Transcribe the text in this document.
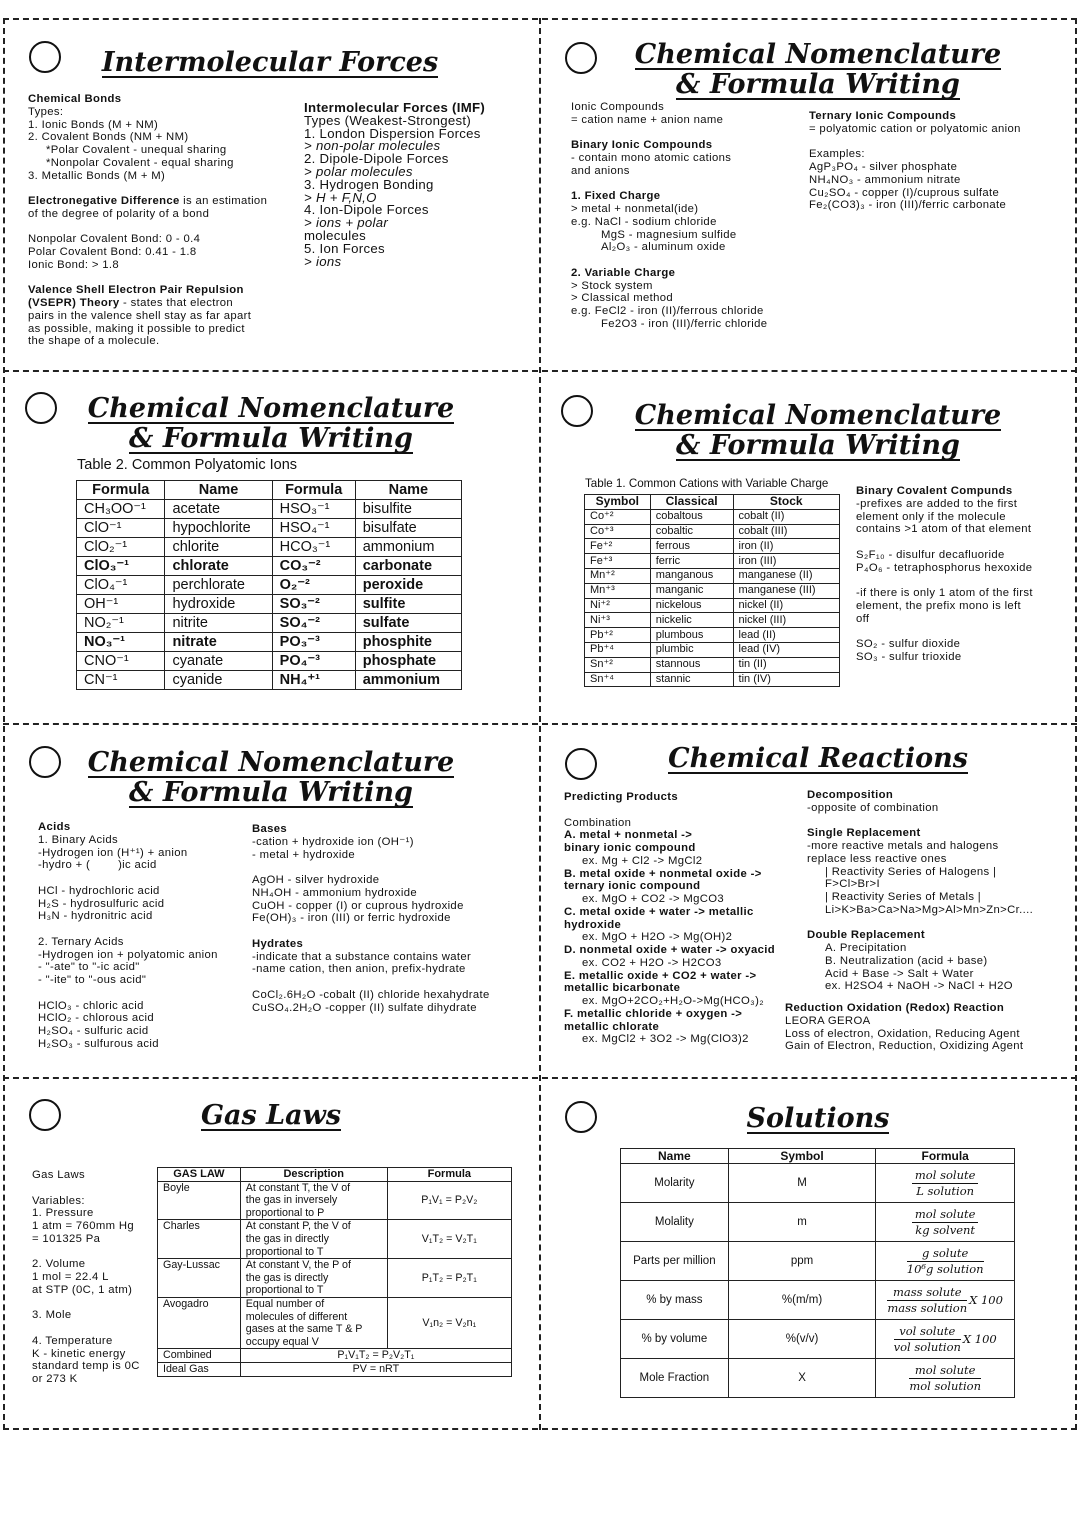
Intermolecular Forces
Chemical Bonds
Types:
1. Ionic Bonds (M + NM)
2. Covalent Bonds (NM + NM)
*Polar Covalent - unequal sharing
*Nonpolar Covalent - equal sharing
3. Metallic Bonds (M + M)
Electronegative Difference is an estimation
of the degree of polarity of a bond
Nonpolar Covalent Bond: 0 - 0.4
Polar Covalent Bond: 0.41 - 1.8
Ionic Bond: > 1.8
Valence Shell Electron Pair Repulsion
(VSEPR) Theory - states that electron
pairs in the valence shell stay as far apart
as possible, making it possible to predict
the shape of a molecule.
Intermolecular Forces (IMF)
Types (Weakest-Strongest)
1. London Dispersion Forces
> non-polar molecules
2. Dipole-Dipole Forces
> polar molecules
3. Hydrogen Bonding
> H + F,N,O
4. Ion-Dipole Forces
> ions + polar
molecules
5. Ion Forces
> ions
Chemical Nomenclature
& Formula Writing
Ionic Compounds
= cation name + anion name
Binary Ionic Compounds
- contain mono atomic cations
and anions
1. Fixed Charge
> metal + nonmetal(ide)
e.g. NaCl - sodium chloride
MgS - magnesium sulfide
Al₂O₃ - aluminum oxide
2. Variable Charge
> Stock system
> Classical method
e.g. FeCl2 - iron (II)/ferrous chloride
Fe2O3 - iron (III)/ferric chloride
Ternary Ionic Compounds
= polyatomic cation or polyatomic anion
Examples:
AgP₃PO₄ - silver phosphate
NH₄NO₃ - ammonium nitrate
Cu₂SO₄ - copper (I)/cuprous sulfate
Fe₂(CO3)₃ - iron (III)/ferric carbonate
Chemical Nomenclature
& Formula Writing
Table 2. Common Polyatomic Ions
Formula	Name	Formula	Name
CH₃OO⁻¹	acetate	HSO₃⁻¹	bisulfite
ClO⁻¹	hypochlorite	HSO₄⁻¹	bisulfate
ClO₂⁻¹	chlorite	HCO₃⁻¹	ammonium
ClO₃⁻¹	chlorate	CO₃⁻²	carbonate
ClO₄⁻¹	perchlorate	O₂⁻²	peroxide
OH⁻¹	hydroxide	SO₃⁻²	sulfite
NO₂⁻¹	nitrite	SO₄⁻²	sulfate
NO₃⁻¹	nitrate	PO₃⁻³	phosphite
CNO⁻¹	cyanate	PO₄⁻³	phosphate
CN⁻¹	cyanide	NH₄⁺¹	ammonium
Chemical Nomenclature
& Formula Writing
Table 1. Common Cations with Variable Charge
Symbol	Classical	Stock
Co⁺²	cobaltous	cobalt (II)
Co⁺³	cobaltic	cobalt (III)
Fe⁺²	ferrous	iron (II)
Fe⁺³	ferric	iron (III)
Mn⁺²	manganous	manganese (II)
Mn⁺³	manganic	manganese (III)
Ni⁺²	nickelous	nickel (II)
Ni⁺³	nickelic	nickel (III)
Pb⁺²	plumbous	lead (II)
Pb⁺⁴	plumbic	lead (IV)
Sn⁺²	stannous	tin (II)
Sn⁺⁴	stannic	tin (IV)
Binary Covalent Compunds
-prefixes are added to the first
element only if the molecule
contains >1 atom of that element
S₂F₁₀ - disulfur decafluoride
P₄O₆ - tetraphosphorus hexoxide
-if there is only 1 atom of the first
element, the prefix mono is left
off
SO₂ - sulfur dioxide
SO₃ - sulfur trioxide
Chemical Nomenclature
& Formula Writing
Acids
1. Binary Acids
-Hydrogen ion (H⁺¹) + anion
-hydro + (        )ic acid
HCl - hydrochloric acid
H₂S - hydrosulfuric acid
H₃N - hydronitric acid
2. Ternary Acids
-Hydrogen ion + polyatomic anion
- "-ate" to "-ic acid"
- "-ite" to "-ous acid"
HClO₃ - chloric acid
HClO₂ - chlorous acid
H₂SO₄ - sulfuric acid
H₂SO₃ - sulfurous acid
Bases
-cation + hydroxide ion (OH⁻¹)
- metal + hydroxide
AgOH - silver hydroxide
NH₄OH - ammonium hydroxide
CuOH - copper (I) or cuprous hydroxide
Fe(OH)₃ - iron (III) or ferric hydroxide
Hydrates
-indicate that a substance contains water
-name cation, then anion, prefix-hydrate
CoCl₂.6H₂O -cobalt (II) chloride hexahydrate
CuSO₄.2H₂O -copper (II) sulfate dihydrate
Chemical Reactions
Predicting Products
Combination
A. metal + nonmetal ->
binary ionic compound
ex. Mg + Cl2 -> MgCl2
B. metal oxide + nonmetal oxide ->
ternary ionic compound
ex. MgO + CO2 -> MgCO3
C. metal oxide + water -> metallic
hydroxide
ex. MgO + H2O -> Mg(OH)2
D. nonmetal oxide + water -> oxyacid
ex. CO2 + H2O -> H2CO3
E. metallic oxide + CO2 + water ->
metallic bicarbonate
ex. MgO+2CO₂+H₂O->Mg(HCO₃)₂
F. metallic chloride + oxygen ->
metallic chlorate
ex. MgCl2 + 3O2 -> Mg(ClO3)2
Decomposition
-opposite of combination
Single Replacement
-more reactive metals and halogens
replace less reactive ones
| Reactivity Series of Halogens |
F>Cl>Br>I
| Reactivity Series of Metals |
Li>K>Ba>Ca>Na>Mg>Al>Mn>Zn>Cr....
Double Replacement
A. Precipitation
B. Neutralization (acid + base)
Acid + Base -> Salt + Water
ex. H2SO4 + NaOH -> NaCl + H2O
Reduction Oxidation (Redox) Reaction
LEORA GEROA
Loss of electron, Oxidation, Reducing Agent
Gain of Electron, Reduction, Oxidizing Agent
Gas Laws
Gas Laws
Variables:
1. Pressure
1 atm = 760mm Hg
= 101325 Pa
2. Volume
1 mol = 22.4 L
at STP (0C, 1 atm)
3. Mole
4. Temperature
K - kinetic energy
standard temp is 0C
or 273 K
GAS LAW	Description	Formula
Boyle	At constant T, the V of
the gas in inversely
proportional to P	P₁V₁ = P₂V₂
Charles	At constant P, the V of
the gas in directly
proportional to T	V₁T₂ = V₂T₁
Gay-Lussac	At constant V, the P of
the gas is directly
proportional to T	P₁T₂ = P₂T₁
Avogadro	Equal number of
molecules of different
gases at the same T & P
occupy equal V	V₁n₂ = V₂n₁
Combined	P₁V₁T₂ = P₂V₂T₁	
Ideal Gas	PV = nRT	
Solutions
Name	Symbol	Formula
Molarity	M	$\frac{\text{mol solute}}{\text{L solution}}$

Molality	m	$\frac{\text{mol solute}}{\text{kg solvent}}$

Parts per million	ppm	$\frac{\text{g solute}}{\text{10⁶g solution}}$

% by mass	%(m/m)	$\frac{\text{mass solute}}{\text{mass solution}}$ X 100
% by volume	%(v/v)	$\frac{\text{vol solute}}{\text{vol solution}}$ X 100
Mole Fraction	X	$\frac{\text{mol solute}}{\text{mol solution}}$
